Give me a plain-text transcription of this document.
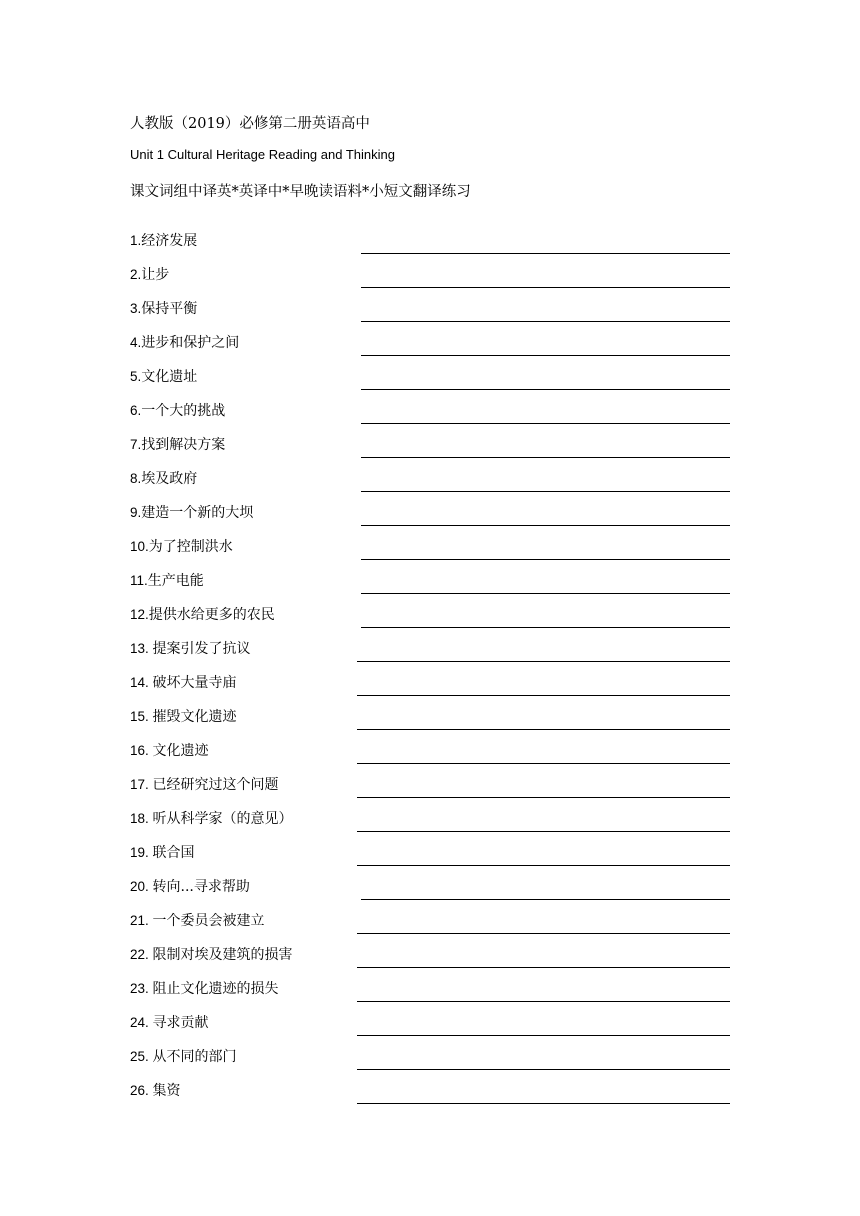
人教版（2019）必修第二册英语高中
Unit 1 Cultural Heritage Reading and Thinking
课文词组中译英*英译中*早晚读语料*小短文翻译练习
1.经济发展
2.让步
3.保持平衡
4.进步和保护之间
5.文化遗址
6.一个大的挑战
7.找到解决方案
8.埃及政府
9.建造一个新的大坝
10.为了控制洪水
11.生产电能
12.提供水给更多的农民
13. 提案引发了抗议
14. 破坏大量寺庙
15. 摧毁文化遗迹
16. 文化遗迹
17. 已经研究过这个问题
18. 听从科学家（的意见）
19. 联合国
20. 转向...寻求帮助
21. 一个委员会被建立
22. 限制对埃及建筑的损害
23. 阻止文化遗迹的损失
24. 寻求贡献
25. 从不同的部门
26. 集资
